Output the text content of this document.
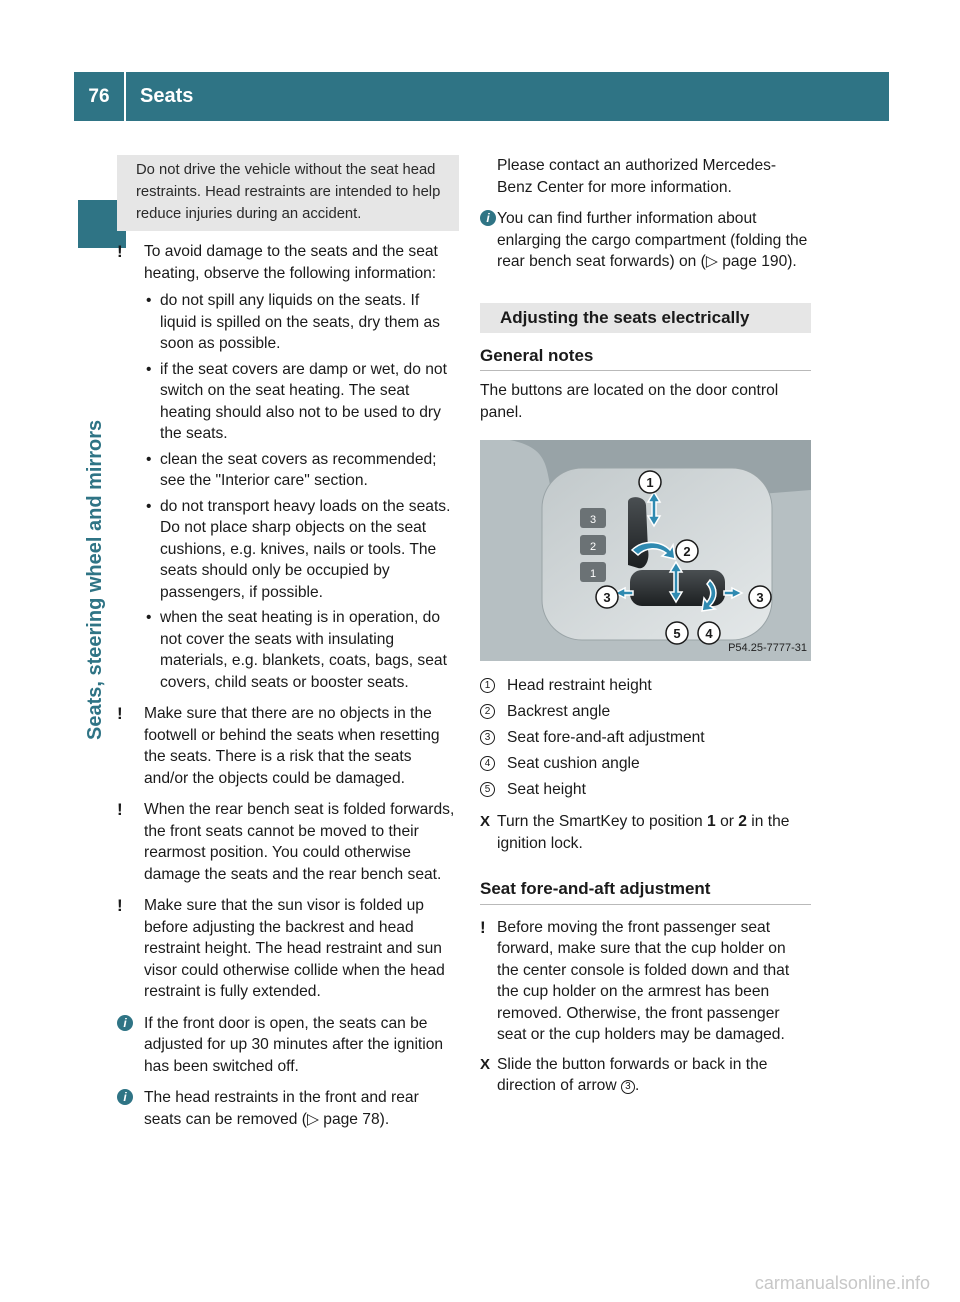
76	Seats
Seats, steering wheel and mirrors
Do not drive the vehicle without the seat head restraints. Head restraints are intended to help reduce injuries during an accident.
!	To avoid damage to the seats and the seat heating, observe the following information:
• do not spill any liquids on the seats. If liquid is spilled on the seats, dry them as soon as possible.
• if the seat covers are damp or wet, do not switch on the seat heating. The seat heating should also not to be used to dry the seats.
• clean the seat covers as recommended; see the "Interior care" section.
• do not transport heavy loads on the seats. Do not place sharp objects on the seat cushions, e.g. knives, nails or tools. The seats should only be occupied by passengers, if possible.
• when the seat heating is in operation, do not cover the seats with insulating materials, e.g. blankets, coats, bags, seat covers, child seats or booster seats.
!	Make sure that there are no objects in the footwell or behind the seats when resetting the seats. There is a risk that the seats and/or the objects could be damaged.
!	When the rear bench seat is folded forwards, the front seats cannot be moved to their rearmost position. You could otherwise damage the seats and the rear bench seat.
!	Make sure that the sun visor is folded up before adjusting the backrest and head restraint height. The head restraint and sun visor could otherwise collide when the head restraint is fully extended.
i	If the front door is open, the seats can be adjusted for up 30 minutes after the ignition has been switched off.
i	The head restraints in the front and rear seats can be removed (▷ page 78).
Please contact an authorized Mercedes-Benz Center for more information.
i You can find further information about enlarging the cargo compartment (folding the rear bench seat forwards) on (▷ page 190).
Adjusting the seats electrically
General notes
The buttons are located on the door control panel.
3
2
1
1
2
3	3
4
5
P54.25-7777-31
1	Head restraint height
2	Backrest angle
3	Seat fore-and-aft adjustment
4	Seat cushion angle
5	Seat height
X Turn the SmartKey to position 1 or 2 in the ignition lock.
Seat fore-and-aft adjustment
! Before moving the front passenger seat forward, make sure that the cup holder on the center console is folded down and that the cup holder on the armrest has been removed. Otherwise, the front passenger seat or the cup holders may be damaged.
X Slide the button forwards or back in the direction of arrow 3 .
carmanualsonline.info
